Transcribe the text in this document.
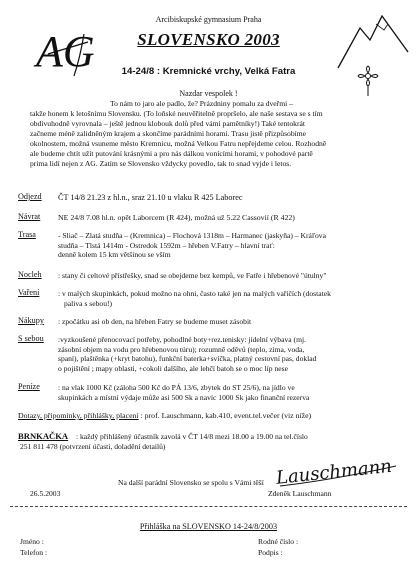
AG
Arcibiskupské gymnasium Praha
SLOVENSKO 2003
14-24/8 : Kremnické vrchy, Velká Fatra
Nazdar vespolek !
To nám to jaro ale padlo, že? Prázdniny pomalu za dveřmi –
takže honem k letošnímu Slovensku. (To loňské neuvěřitelně propršelo, ale naše sestava se s tím
obdivuhodně vyrovnala – ještě jednou klobouk dolů před vámi pamětníky!) Také tentokrát
začneme méně zalidněným krajem a skončíme parádními horami. Trasu jistě přizpůsobíme
okolnostem, možná vsuneme město Kremnicu, možná Velkou Fatru nepřejdeme celou. Rozhodně
ale budeme chtít užít putování krásnými a pro nás dálkou vonícími horami, v pohodové partě
prima lidí nejen z AG. Zatím se Slovensko vždycky povedlo, tak to snad vyjde i letos.
Odjezd ČT 14/8 21.23 z hl.n., sraz 21.10 u vlaku R 425 Laborec
Návrat NE 24/8 7.08 hl.n. opět Laborcem (R 424), možná už 5.22 Cassovií (R 422)
Trasa	- Sliač – Zlatá studňa – (Kremnica) – Flochová 1318m – Harmanec (jaskyňa) – Kráľova
studňa – Tlstá 1414m - Ostredok 1592m – hřeben V.Fatry – hlavní trať:
denně kolem 15 km většinou se vším
Nocleh : stany či celtové přístřešky, snad se obejdeme bez kempů, ve Fatře i hřebenové "útulny"
Vaření : v malých skupinkách, pokud možno na ohni, často také jen na malých vařičích (dostatek
paliva s sebou!)
Nákupy : zpočátku asi ob den, na hřeben Fatry se budeme muset zásobit
S sebou :vyzkoušené přenocovací potřeby, pohodlné boty+rez.tenisky: jídelní výbava (mj.
zásobní objem na vodu pro hřebenovou túru); rozumně oděvů (teplo, zima, voda,
spaní), plaštěnka (+kryt batohu), funkční baterka+svíčka, platný cestovní pas, doklad
o pojištění ; mapy oblasti, +cokoli dalšího, ale lehčí batoh se o moc líp nese
Peníze : na vlak 1000 Kč (záloha 500 Kč do PÁ 13/6, zbytek do ST 25/6), na jídlo ve
skupinkách a místní výdaje může asi 500 Sk a navíc 1000 Sk jako finanční rezerva
Dotazy, připomínky, přihlášky, placení : prof. Lauschmann, kab.410, event.tel.večer (viz níže)
BRNKAČKA : každý přihlášený účastník zavolá v ČT 14/8 mezi 18.00 a 19.00 na tel.číslo
251 811 478 (potvrzení účasti, doladění detailů)
Na další parádní Slovensko se spolu s Vámi těší
Zdeněk Lauschmann
26.5.2003
Lauschmann
Přihláška na SLOVENSKO 14-24/8/2003
Jméno :	Rodné číslo :
Telefon :	Podpis :
